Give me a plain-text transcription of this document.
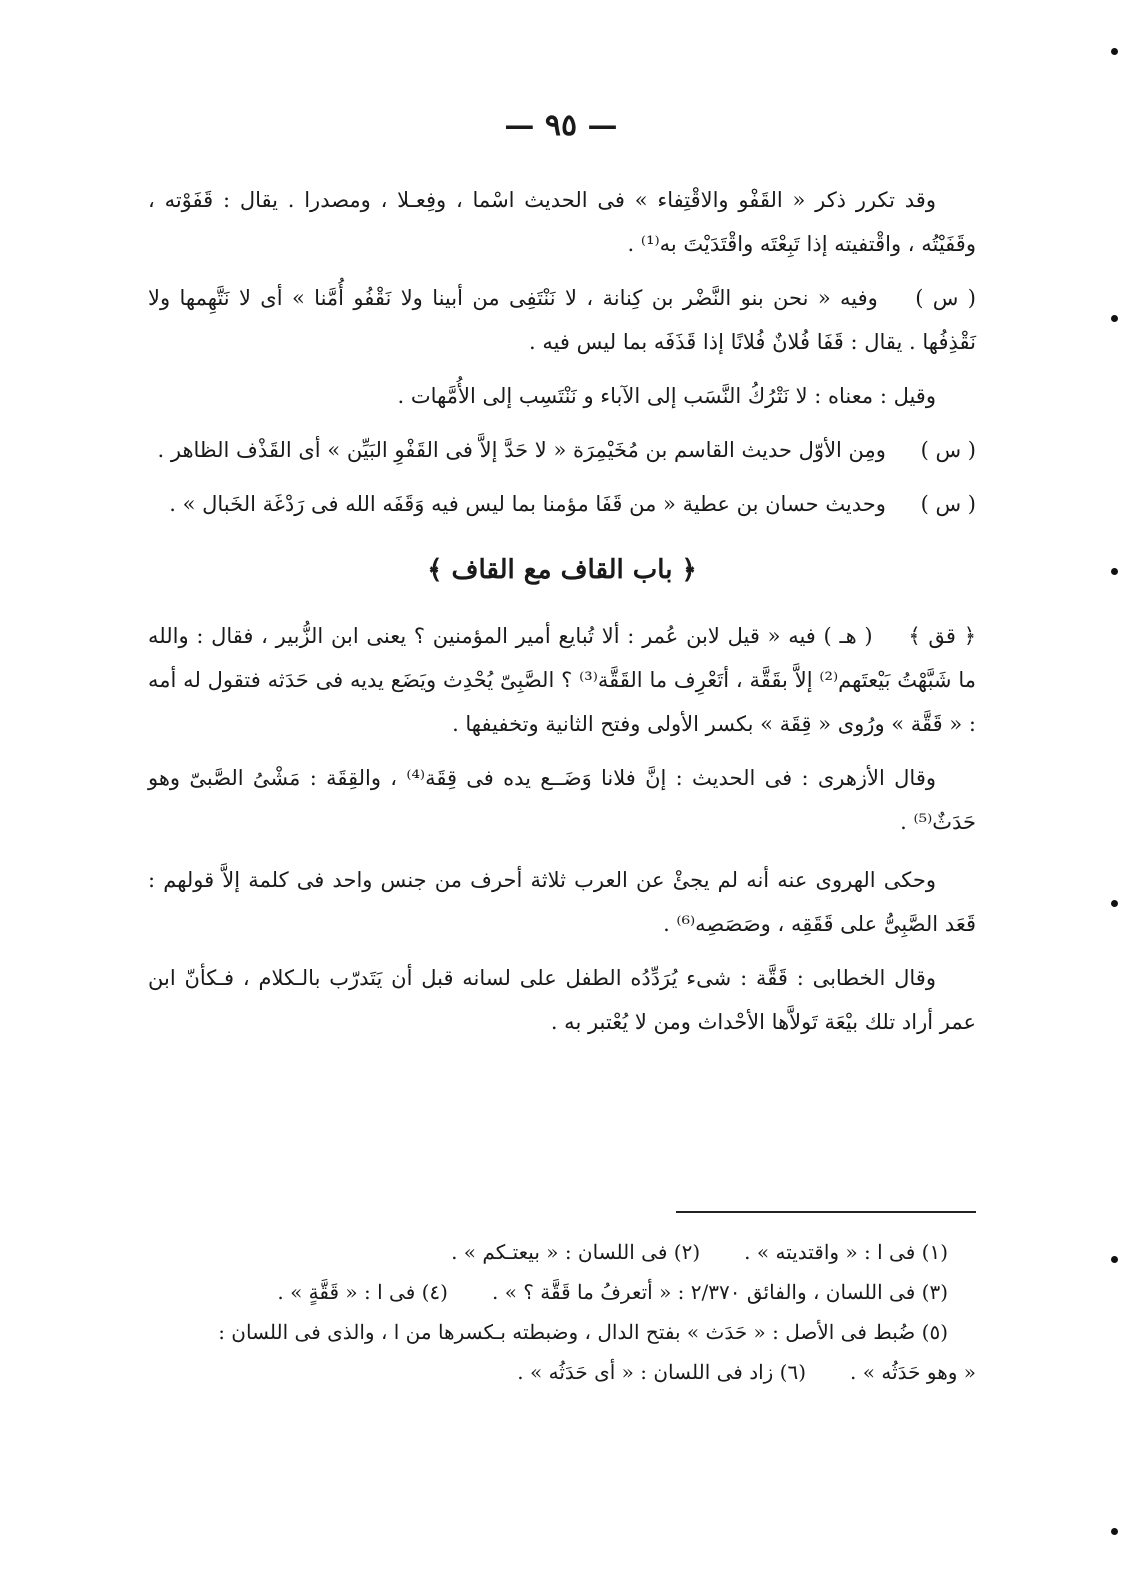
— ٩٥ —

وقد تكرر ذكر « القَفْو والاقْتِفاء » فى الحديث اسْما ، وفِعـلا ، ومصدرا . يقال : قَفَوْته ، وقَفَيْتُه ، واقْتفيته إذا تَبِعْتَه واقْتَدَيْتَ به⁽¹⁾ .

( س ) وفيه « نحن بنو النَّضْر بن كِنانة ، لا نَنْتَفِى من أبينا ولا نَقْفُو أُمَّنا » أى لا نَتَّهِمها ولا نَقْذِفُها . يقال : قَفَا فُلانٌ فُلانًا إذا قَذَفَه بما ليس فيه .

وقيل : معناه : لا نَتْرُكُ النَّسَب إلى الآباء و نَنْتَسِب إلى الأُمَّهات .

( س ) ومِن الأوّل حديث القاسم بن مُخَيْمِرَة « لا حَدَّ إلاَّ فى القَفْوِ البَيِّن » أى القَذْف الظاهر .

( س ) وحديث حسان بن عطية « من قَفَا مؤمنا بما ليس فيه وَقَفَه الله فى رَدْغَة الخَبال » .

﴿ باب القاف مع القاف ﴾

﴿ قق ﴾ ( هـ ) فيه « قيل لابن عُمر : ألا تُبايع أمير المؤمنين ؟ يعنى ابن الزُّبير ، فقال : والله ما شَبَّهْتُ بَيْعتَهم⁽²⁾ إلاَّ بقَقَّة ، أتَعْرِف ما القَقَّة⁽³⁾ ؟ الصَّبِىّ يُحْدِث ويَضَع يديه فى حَدَثه فتقول له أمه : « قَقَّة » ورُوى « قِقَة » بكسر الأولى وفتح الثانية وتخفيفها .

وقال الأزهرى : فى الحديث : إنَّ فلانا وَضَــع يده فى قِقَة⁽⁴⁾ ، والقِقَة : مَشْىُ الصَّبىّ وهو حَدَثٌ⁽⁵⁾ .

وحكى الهروى عنه أنه لم يجئْ عن العرب ثلاثة أحرف من جنس واحد فى كلمة إلاَّ قولهم : قَعَد الصَّبِىُّ على قَقَقِه ، وصَصَصِه⁽⁶⁾ .

وقال الخطابى : قَقَّة : شىء يُرَدِّدُه الطفل على لسانه قبل أن يَتَدرّب بالـكلام ، فـكأنّ ابن عمر أراد تلك بيْعَة تَولاَّها الأحْداث ومن لا يُعْتبر به .

(١) فى ا : « واقتديته » .(٢) فى اللسان : « بيعتـكم » .

(٣) فى اللسان ، والفائق ٢/٣٧٠ : « أتعرفُ ما قَقَّة ؟ » .(٤) فى ا : « قَقَّةٍ » .

(٥) ضُبط فى الأصل : « حَدَث » بفتح الدال ، وضبطته بـكسرها من ا ، والذى فى اللسان :

« وهو حَدَثُه » .(٦) زاد فى اللسان : « أى حَدَثُه » .
